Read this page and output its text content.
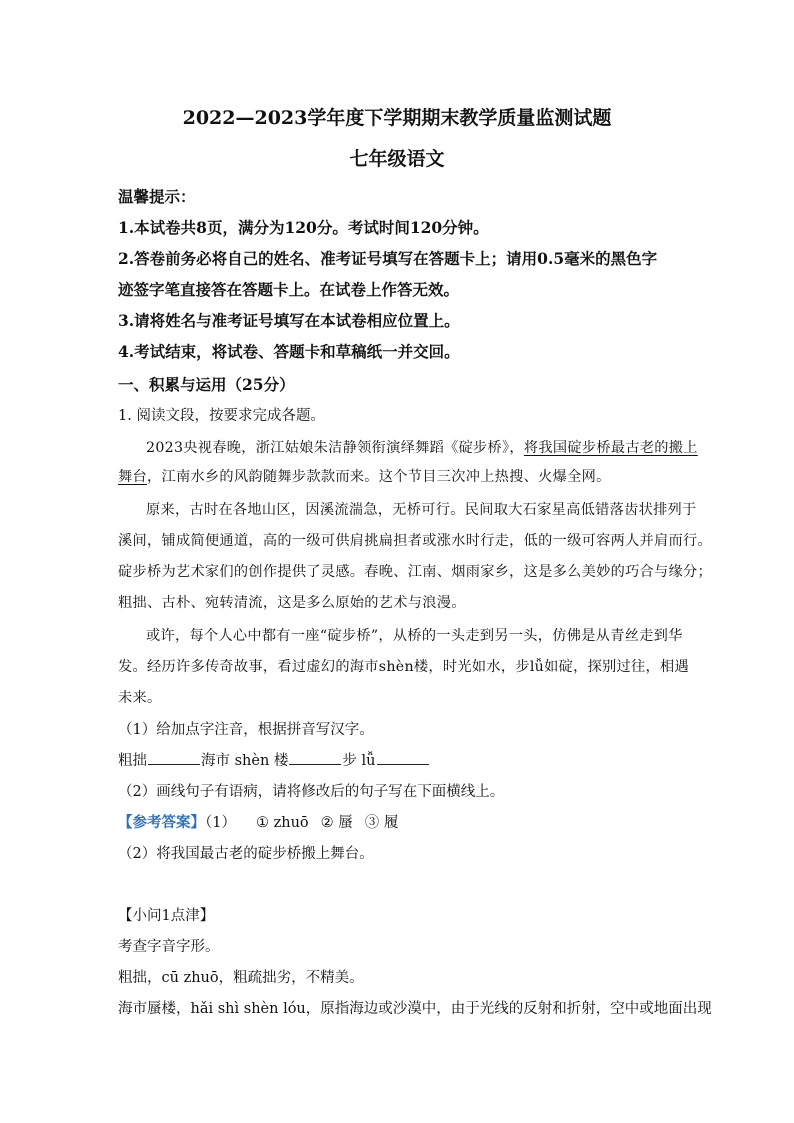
2022—2023学年度下学期期末教学质量监测试题
七年级语文
温馨提示：
1.本试卷共8页，满分为120分。考试时间120分钟。
2.答卷前务必将自己的姓名、准考证号填写在答题卡上；请用0.5毫米的黑色字
迹签字笔直接答在答题卡上。在试卷上作答无效。
3.请将姓名与准考证号填写在本试卷相应位置上。
4.考试结束，将试卷、答题卡和草稿纸一并交回。
一、积累与运用（25分）
1. 阅读文段，按要求完成各题。
2023央视春晚，浙江姑娘朱洁静领衔演绎舞蹈《碇步桥》，将我国碇步桥最古老的搬上
舞台，江南水乡的风韵随舞步款款而来。这个节目三次冲上热搜、火爆全网。
原来，古时在各地山区，因溪流湍急，无桥可行。民间取大石家星高低错落齿状排列于
溪间，铺成简便通道，高的一级可供肩挑扁担者或涨水时行走，低的一级可容两人并肩而行。
碇步桥为艺术家们的创作提供了灵感。春晚、江南、烟雨家乡，这是多么美妙的巧合与缘分；
粗拙、古朴、宛转清流，这是多么原始的艺术与浪漫。
或许，每个人心中都有一座“碇步桥”，从桥的一头走到另一头，仿佛是从青丝走到华
发。经历许多传奇故事，看过虚幻的海市shèn楼，时光如水，步lǚ如碇，探别过往，相遇
未来。
（1）给加点字注音，根据拼音写汉字。
粗拙	海市 shèn 楼	步 lǚ
（2）画线句子有语病，请将修改后的句子写在下面横线上。
【参考答案】（1） ① zhuō ② 蜃 ③ 履
（2）将我国最古老的碇步桥搬上舞台。
【小问1点津】
考查字音字形。
粗拙，cū zhuō，粗疏拙劣，不精美。
海市蜃楼，hǎi shì shèn lóu，原指海边或沙漠中，由于光线的反射和折射，空中或地面出现
